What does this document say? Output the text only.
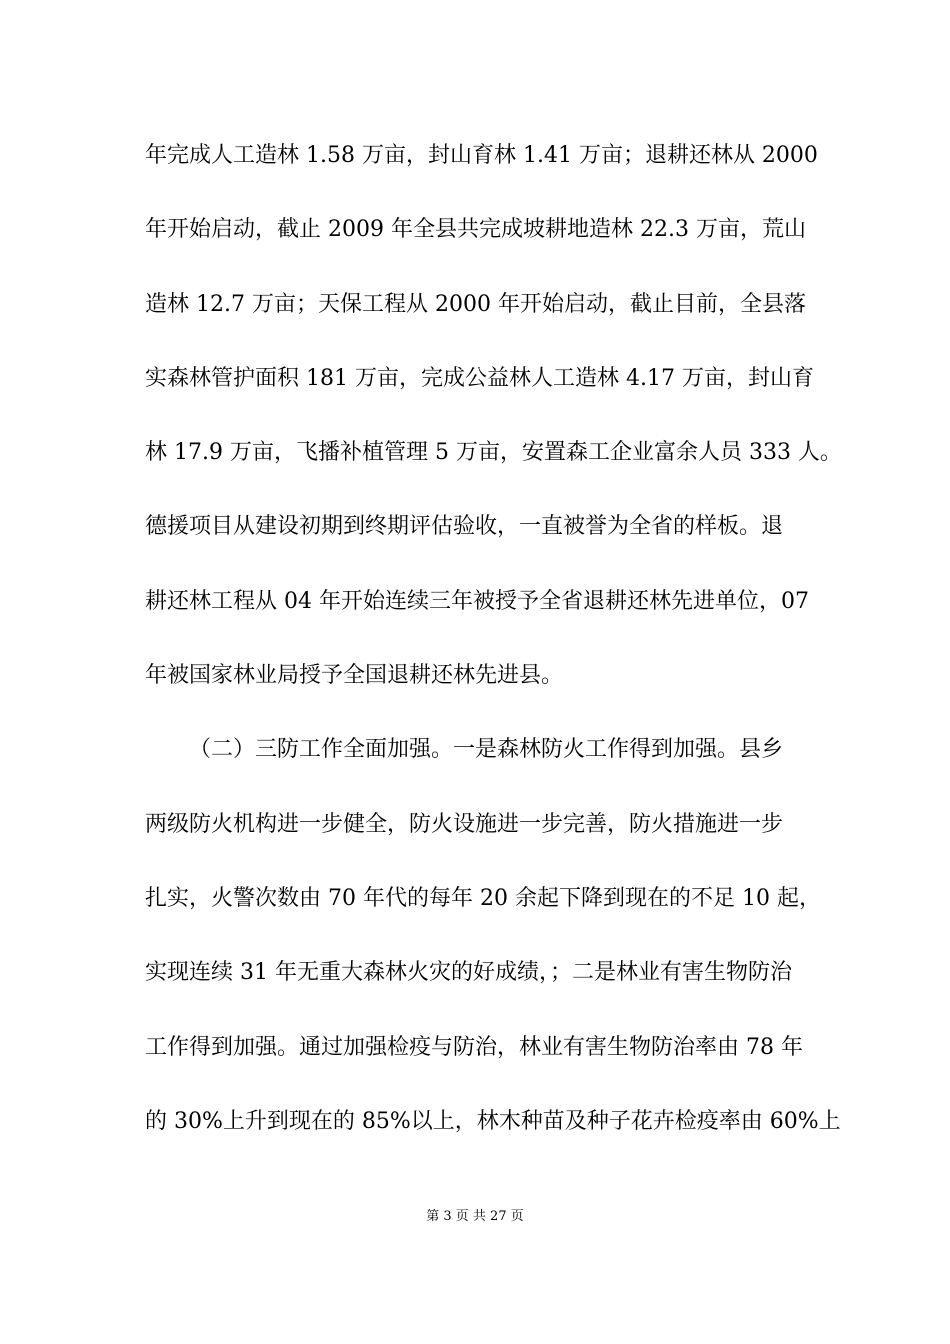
年完成人工造林 1.58 万亩，封山育林 1.41 万亩；退耕还林从 2000
年开始启动，截止 2009 年全县共完成坡耕地造林 22.3 万亩，荒山
造林 12.7 万亩；天保工程从 2000 年开始启动，截止目前，全县落
实森林管护面积 181 万亩，完成公益林人工造林 4.17 万亩，封山育
林 17.9 万亩，飞播补植管理 5 万亩，安置森工企业富余人员 333 人。
德援项目从建设初期到终期评估验收，一直被誉为全省的样板。退
耕还林工程从 04 年开始连续三年被授予全省退耕还林先进单位，07
年被国家林业局授予全国退耕还林先进县。
（二）三防工作全面加强。一是森林防火工作得到加强。县乡
两级防火机构进一步健全，防火设施进一步完善，防火措施进一步
扎实，火警次数由 70 年代的每年 20 余起下降到现在的不足 10 起，
实现连续 31 年无重大森林火灾的好成绩，；二是林业有害生物防治
工作得到加强。通过加强检疫与防治，林业有害生物防治率由 78 年
的 30%上升到现在的 85%以上，林木种苗及种子花卉检疫率由 60%上
第 3 页 共 27 页
